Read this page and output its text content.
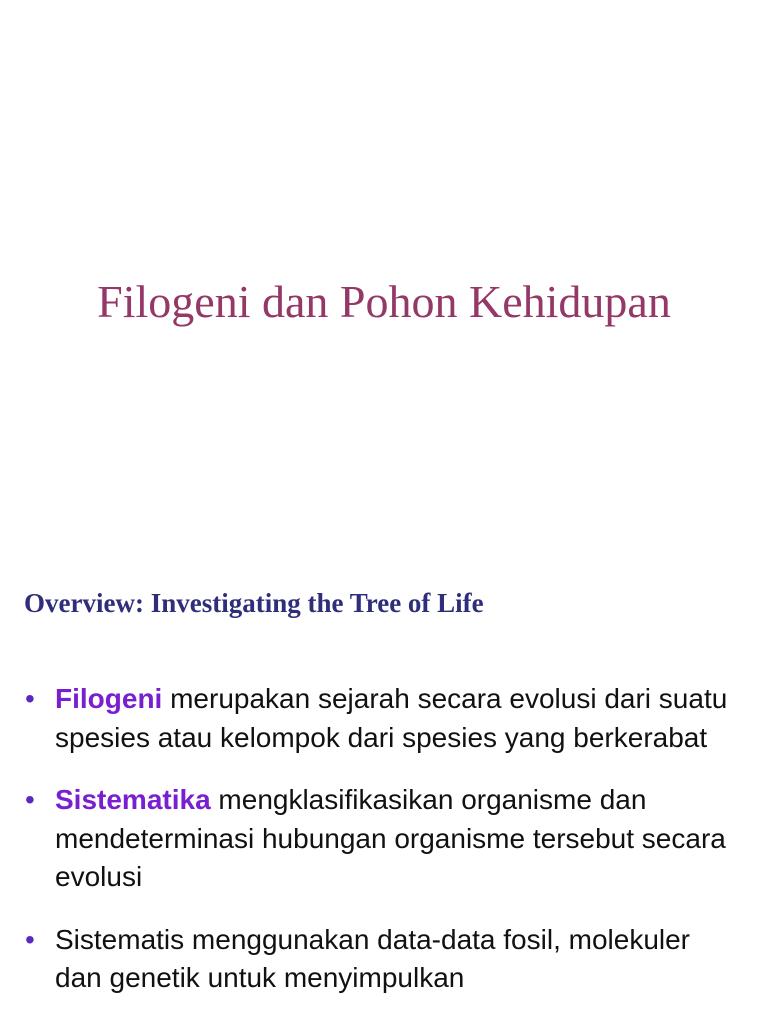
Filogeni dan Pohon Kehidupan
Overview: Investigating the Tree of Life
• Filogeni merupakan sejarah secara evolusi dari suatu spesies atau kelompok dari spesies yang berkerabat
• Sistematika mengklasifikasikan organisme dan mendeterminasi hubungan organisme tersebut secara evolusi
• Sistematis menggunakan data-data fosil, molekuler dan genetik untuk menyimpulkan
